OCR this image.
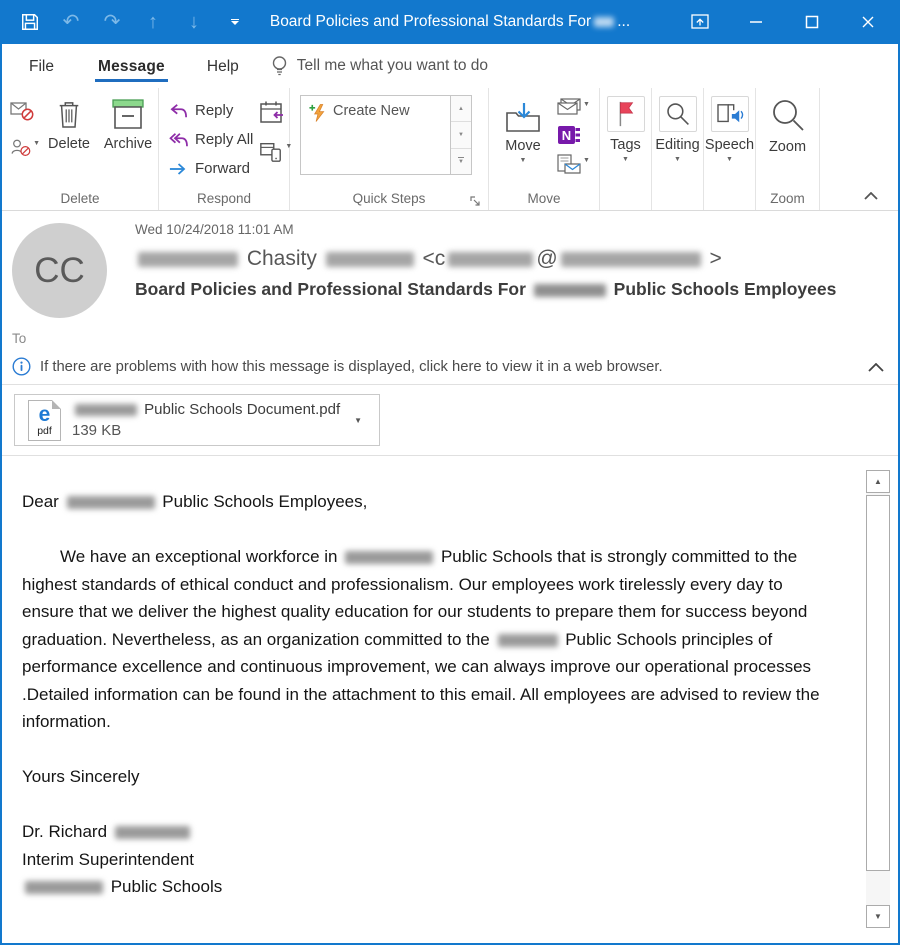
↶ ↷	↑	↓	Board Policies and Professional Standards For
...
File	Message	Help	Tell me what you want to do
▼ Delete Archive
Delete
Reply
Reply All
Forward
▼
Respond
Create New	▲
▼
▼
Quick Steps
Move
▼
▼
N
▼
Move
Tags
▼
Editing
▼
Speech
▼
Zoom
Zoom
CC
Wed 10/24/2018 11:01 AM
Chasity	<c	@	>
Board Policies and Professional Standards For	Public Schools Employees
To
If there are problems with how this message is displayed, click here to view it in a web browser.
e
pdf
Public Schools Document.pdf
139 KB
▼

Dear	Public Schools Employees,

We have an exceptional workforce in	Public Schools that is strongly committed to the highest standards of ethical conduct and professionalism. Our employees work tirelessly every day to ensure that we deliver the highest quality education for our students to prepare them for success beyond graduation. Nevertheless, as an organization committed to the	Public Schools principles of performance excellence and continuous improvement, we can always improve our operational processes .Detailed information can be found in the attachment to this email. All employees are advised to review the information.

Yours Sincerely

Dr. Richard

Interim Superintendent

Public Schools

▲
▼
